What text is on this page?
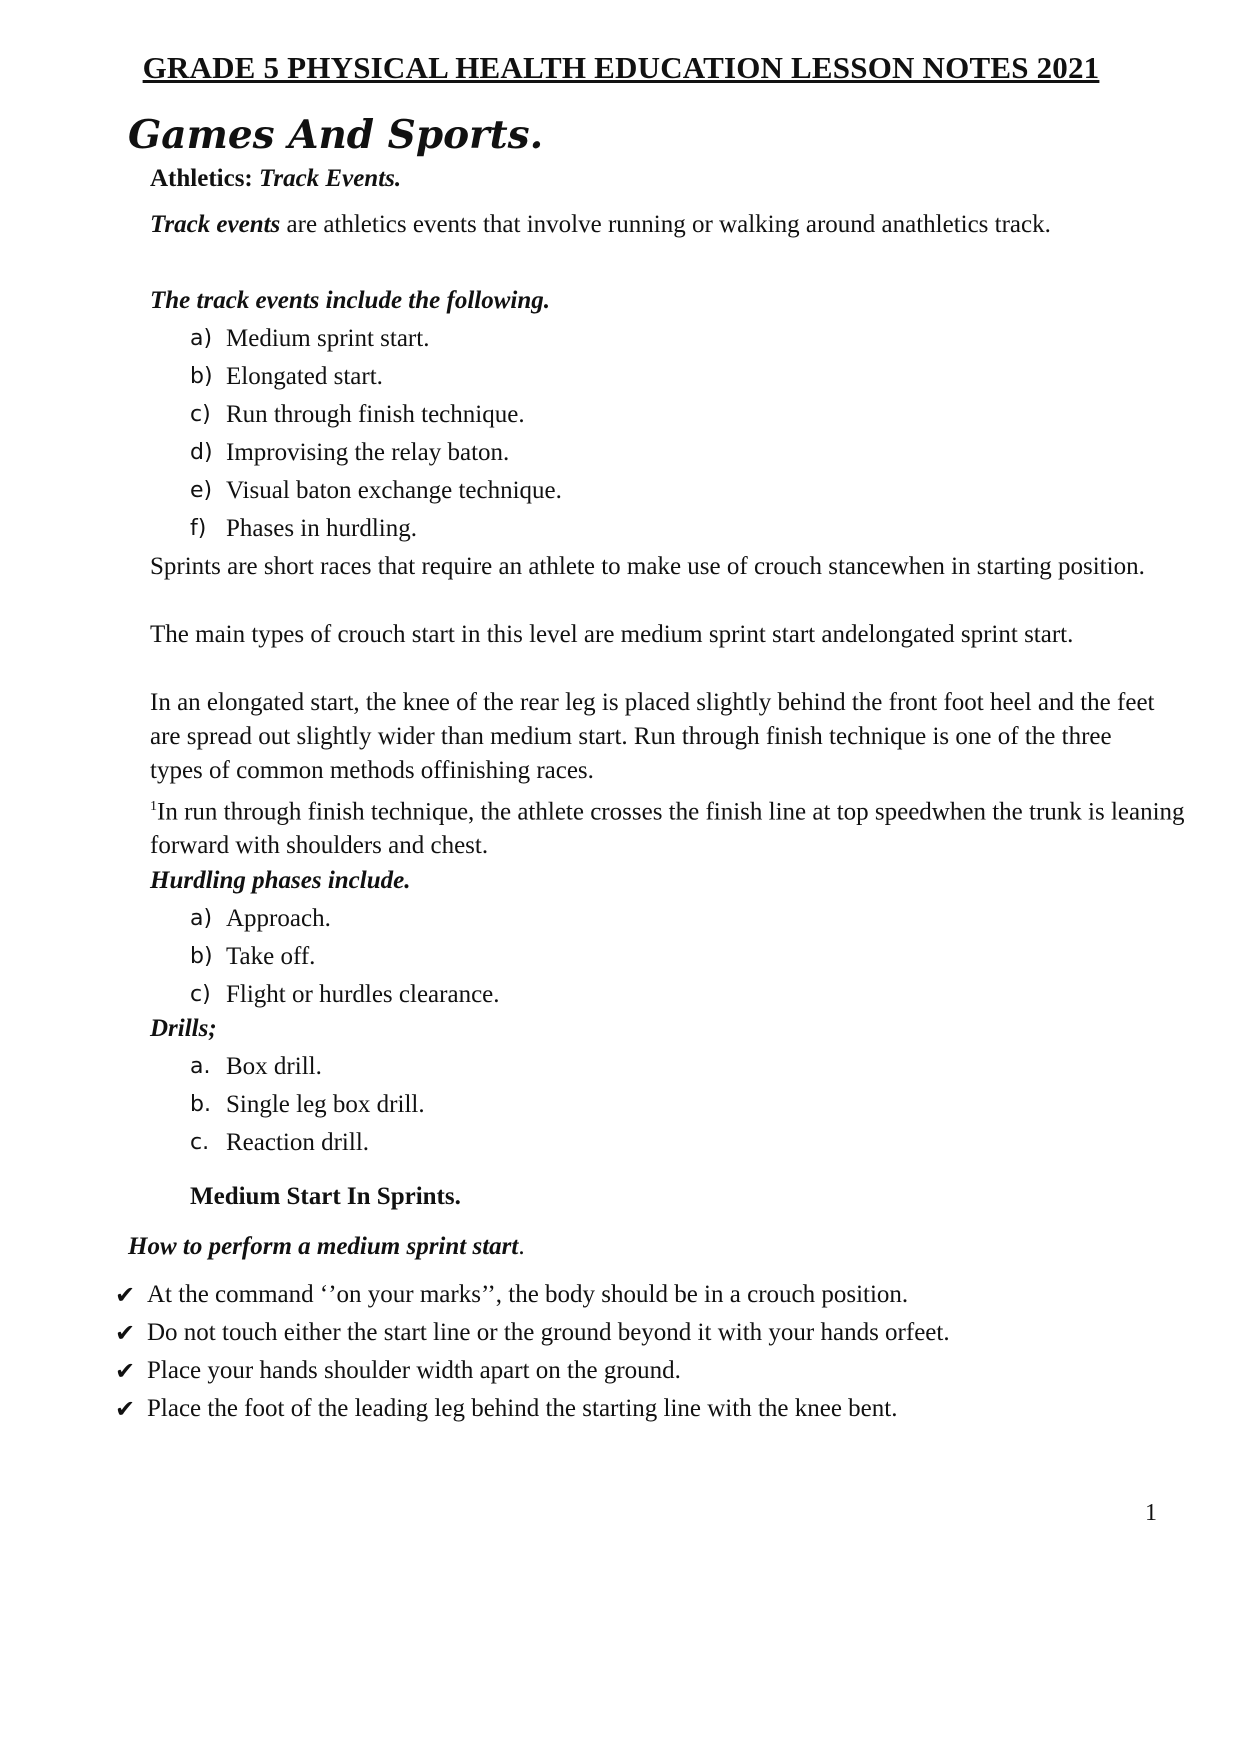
GRADE 5 PHYSICAL HEALTH EDUCATION LESSON NOTES 2021
Games And Sports.
Athletics: Track Events.
Track events are athletics events that involve running or walking around anathletics track.
The track events include the following.
a) Medium sprint start.
b) Elongated start.
c) Run through finish technique.
d) Improvising the relay baton.
e) Visual baton exchange technique.
f) Phases in hurdling.
Sprints are short races that require an athlete to make use of crouch stancewhen in starting position.
The main types of crouch start in this level are medium sprint start andelongated sprint start.
In an elongated start, the knee of the rear leg is placed slightly behind the front foot heel and the feet are spread out slightly wider than medium start. Run through finish technique is one of the three types of common methods offinishing races.
$^1$In run through finish technique, the athlete crosses the finish line at top speedwhen the trunk is leaning forward with shoulders and chest.
Hurdling phases include.
a) Approach.
b) Take off.
c) Flight or hurdles clearance.
Drills;
a. Box drill.
b. Single leg box drill.
c. Reaction drill.
Medium Start In Sprints.
How to perform a medium sprint start.
✔ At the command ‘’on your marks’’, the body should be in a crouch position.
✔ Do not touch either the start line or the ground beyond it with your hands orfeet.
✔ Place your hands shoulder width apart on the ground.
✔ Place the foot of the leading leg behind the starting line with the knee bent.
1
